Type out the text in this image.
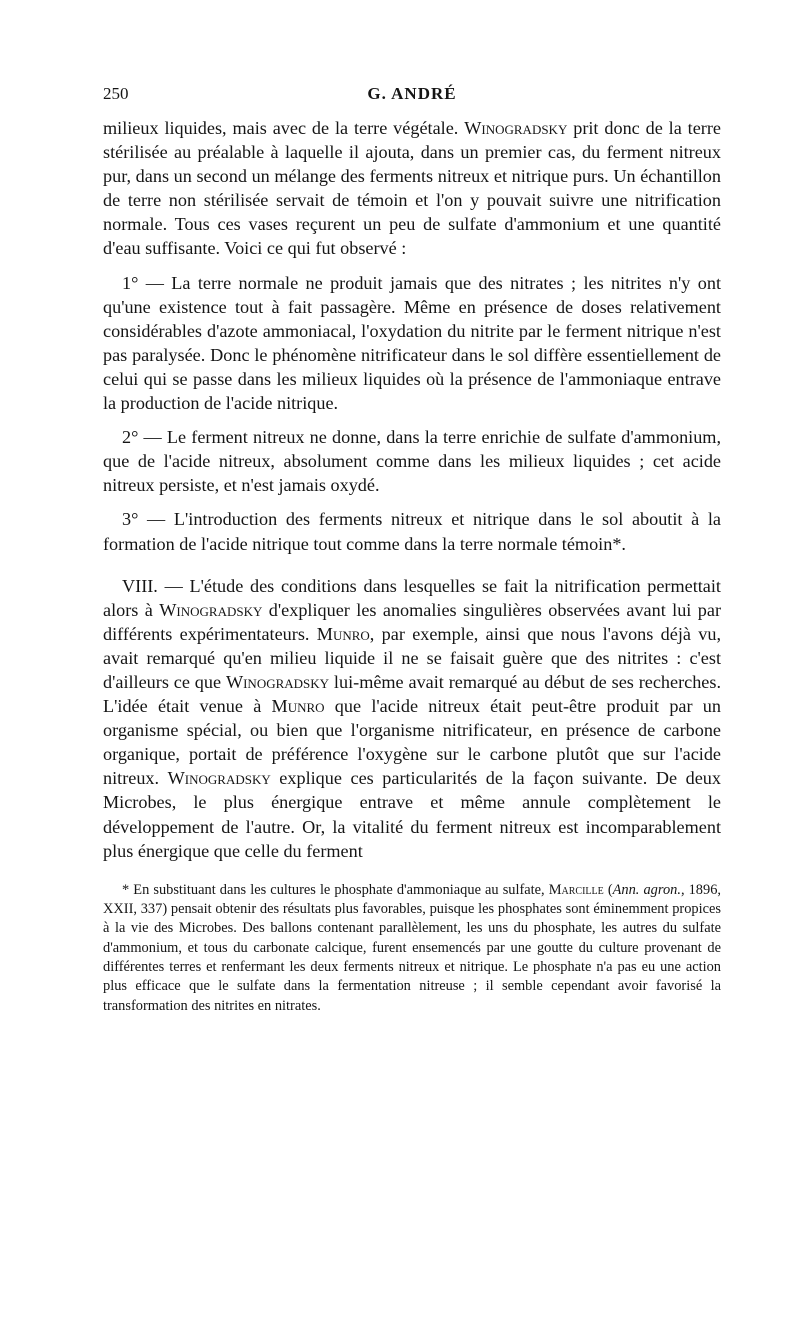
250	G. ANDRÉ

milieux liquides, mais avec de la terre végétale. Winogradsky prit donc de la terre stérilisée au préalable à laquelle il ajouta, dans un premier cas, du ferment nitreux pur, dans un second un mélange des ferments nitreux et nitrique purs. Un échantillon de terre non stérilisée servait de témoin et l'on y pouvait suivre une nitrification normale. Tous ces vases reçurent un peu de sulfate d'ammonium et une quantité d'eau suffisante. Voici ce qui fut observé :

1° — La terre normale ne produit jamais que des nitrates ; les nitrites n'y ont qu'une existence tout à fait passagère. Même en présence de doses relativement considérables d'azote ammoniacal, l'oxydation du nitrite par le ferment nitrique n'est pas paralysée. Donc le phénomène nitrificateur dans le sol diffère essentiellement de celui qui se passe dans les milieux liquides où la présence de l'ammoniaque entrave la production de l'acide nitrique.

2° — Le ferment nitreux ne donne, dans la terre enrichie de sulfate d'ammonium, que de l'acide nitreux, absolument comme dans les milieux liquides ; cet acide nitreux persiste, et n'est jamais oxydé.

3° — L'introduction des ferments nitreux et nitrique dans le sol aboutit à la formation de l'acide nitrique tout comme dans la terre normale témoin*.

VIII. — L'étude des conditions dans lesquelles se fait la nitrification permettait alors à Winogradsky d'expliquer les anomalies singulières observées avant lui par différents expérimentateurs. Munro, par exemple, ainsi que nous l'avons déjà vu, avait remarqué qu'en milieu liquide il ne se faisait guère que des nitrites : c'est d'ailleurs ce que Winogradsky lui-même avait remarqué au début de ses recherches. L'idée était venue à Munro que l'acide nitreux était peut-être produit par un organisme spécial, ou bien que l'organisme nitrificateur, en présence de carbone organique, portait de préférence l'oxygène sur le carbone plutôt que sur l'acide nitreux. Winogradsky explique ces particularités de la façon suivante. De deux Microbes, le plus énergique entrave et même annule complètement le développement de l'autre. Or, la vitalité du ferment nitreux est incomparablement plus énergique que celle du ferment

* En substituant dans les cultures le phosphate d'ammoniaque au sulfate, Marcille (Ann. agron., 1896, XXII, 337) pensait obtenir des résultats plus favorables, puisque les phosphates sont éminemment propices à la vie des Microbes. Des ballons contenant parallèlement, les uns du phosphate, les autres du sulfate d'ammonium, et tous du carbonate calcique, furent ensemencés par une goutte du culture provenant de différentes terres et renfermant les deux ferments nitreux et nitrique. Le phosphate n'a pas eu une action plus efficace que le sulfate dans la fermentation nitreuse ; il semble cependant avoir favorisé la transformation des nitrites en nitrates.
